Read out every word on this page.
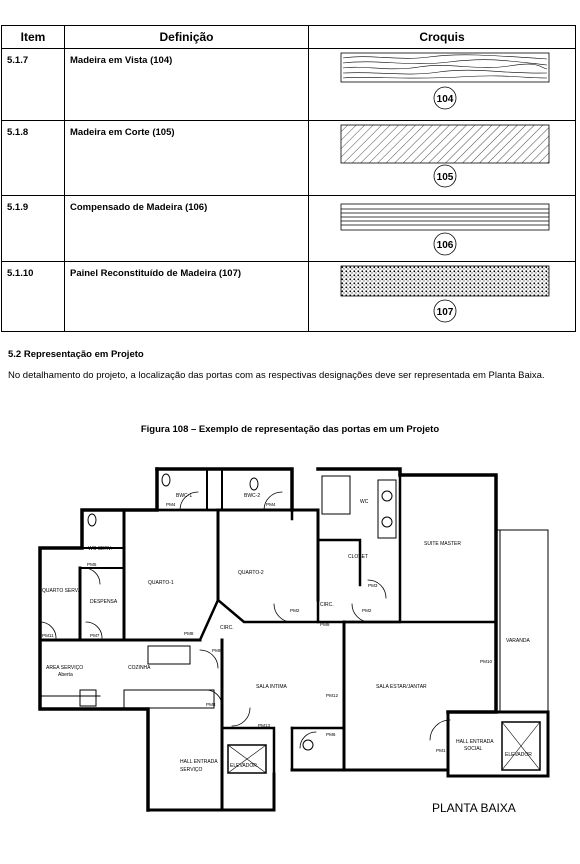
Item	Definição	Croquis

5.1.7	Madeira em Vista (104)	104

5.1.8	Madeira em Corte (105)	105

5.1.9	Compensado de Madeira (106)	106

5.1.10	Painel Reconstituído de Madeira (107)	107
5.2 Representação em Projeto
No detalhamento do projeto, a localização das portas com as respectivas designações deve ser representada em Planta Baixa.
Figura 108 – Exemplo de representação das portas em um Projeto
BWC-1	BWC-2
WC
SUITE MASTER
WC SERV.
QUARTO-1
QUARTO-2
CLOSET
QUARTO SERV.
DESPENSA	CIRC.
CIRC.
VARANDA
AREA SERVIÇO
Aberta
COZINHA
SALA INTIMA	SALA ESTAR/JANTAR
HALL ENTRADA
SOCIAL
ELEVADOR
HALL ENTRADA
SERVIÇO
ELEVADOR
PM4	PM4
PM5
PM3
PM11	PM7
PM2	PM2
PM9
PM8
PM8
PM8
PM10
PM12
PM13
PM6
PM1
PLANTA BAIXA
